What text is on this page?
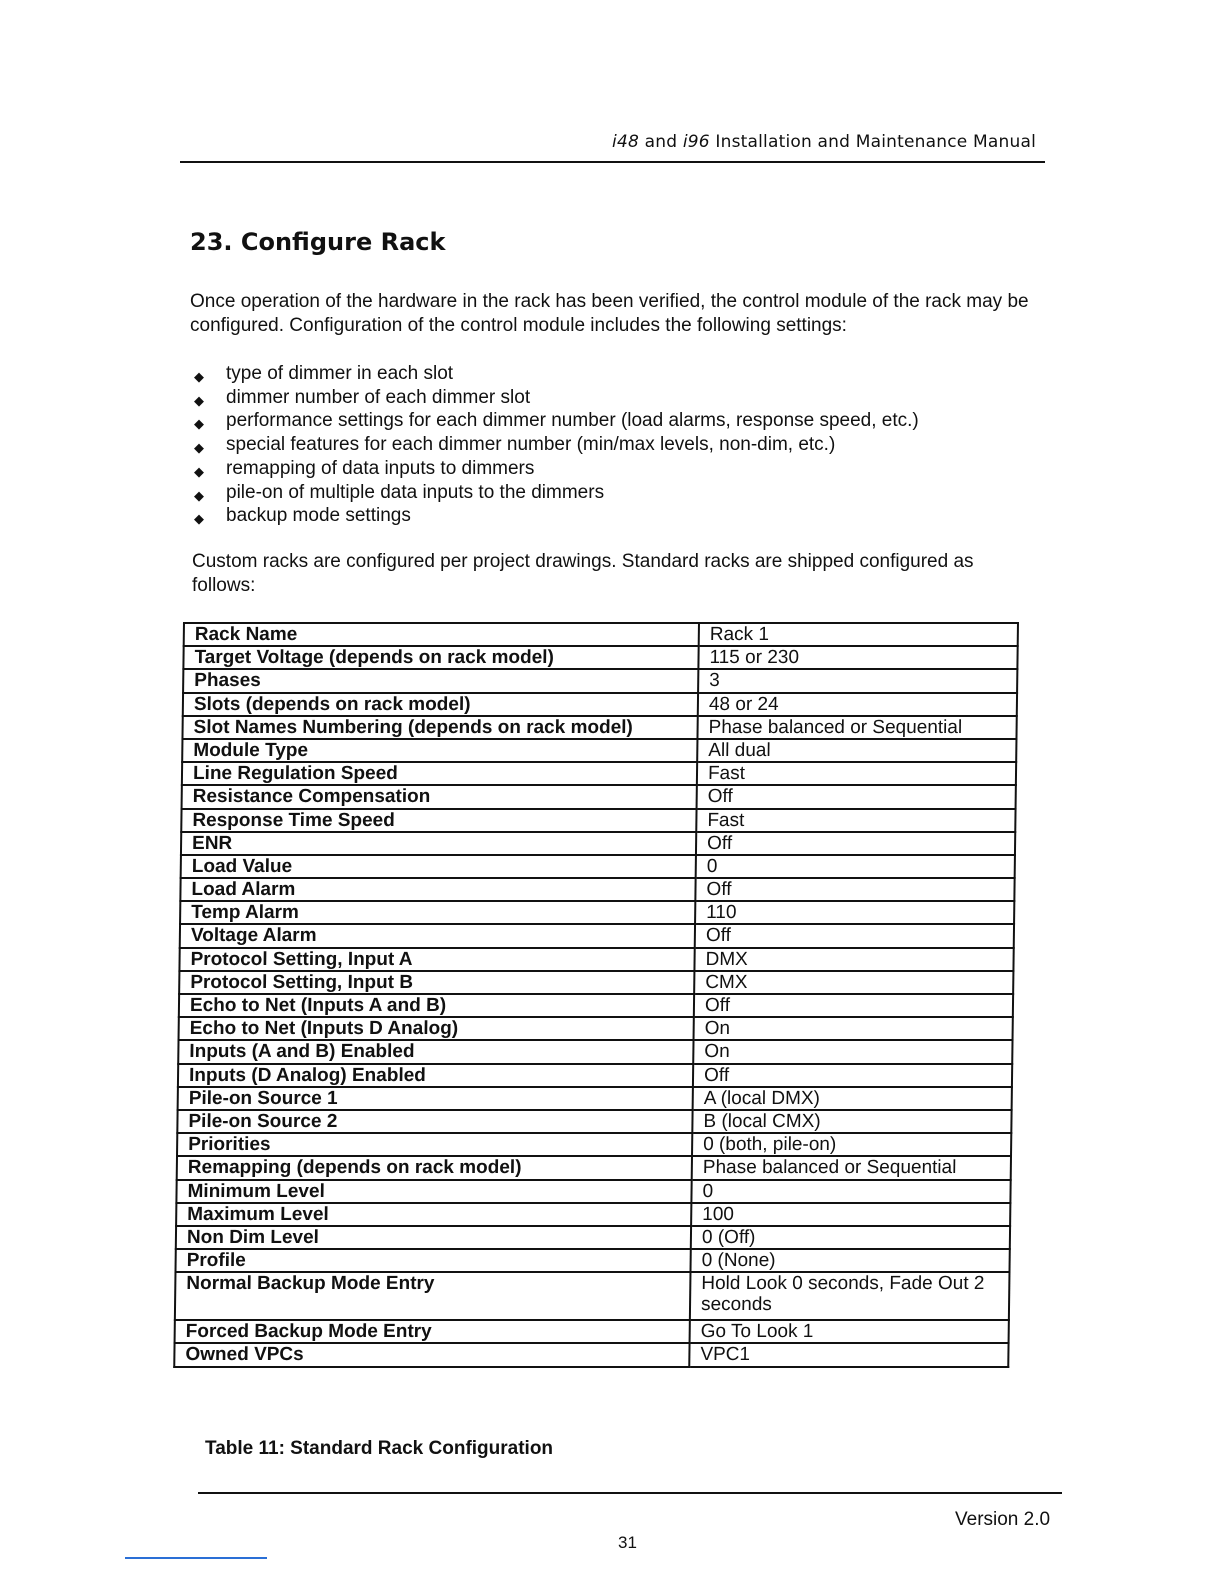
i48 and i96 Installation and Maintenance Manual
23. Configure Rack

Once operation of the hardware in the rack has been verified, the control module of the rack may be configured. Configuration of the control module includes the following settings:

◆ type of dimmer in each slot
◆ dimmer number of each dimmer slot
◆ performance settings for each dimmer number (load alarms, response speed, etc.)
◆ special features for each dimmer number (min/max levels, non-dim, etc.)
◆ remapping of data inputs to dimmers
◆ pile-on of multiple data inputs to the dimmers
◆ backup mode settings

Custom racks are configured per project drawings. Standard racks are shipped configured as follows:

Rack Name	Rack 1
Target Voltage (depends on rack model)	115 or 230
Phases	3
Slots (depends on rack model)	48 or 24
Slot Names Numbering (depends on rack model)	Phase balanced or Sequential
Module Type	All dual
Line Regulation Speed	Fast
Resistance Compensation	Off
Response Time Speed	Fast
ENR	Off
Load Value	0
Load Alarm	Off
Temp Alarm	110
Voltage Alarm	Off
Protocol Setting, Input A	DMX
Protocol Setting, Input B	CMX
Echo to Net (Inputs A and B)	Off
Echo to Net (Inputs D Analog)	On
Inputs (A and B) Enabled	On
Inputs (D Analog) Enabled	Off
Pile-on Source 1	A (local DMX)
Pile-on Source 2	B (local CMX)
Priorities	0 (both, pile-on)
Remapping (depends on rack model)	Phase balanced or Sequential
Minimum Level	0
Maximum Level	100
Non Dim Level	0 (Off)
Profile	0 (None)
Normal Backup Mode Entry	Hold Look 0 seconds, Fade Out 2 seconds
Forced Backup Mode Entry	Go To Look 1
Owned VPCs	VPC1

Table 11: Standard Rack Configuration

Version 2.0
31
